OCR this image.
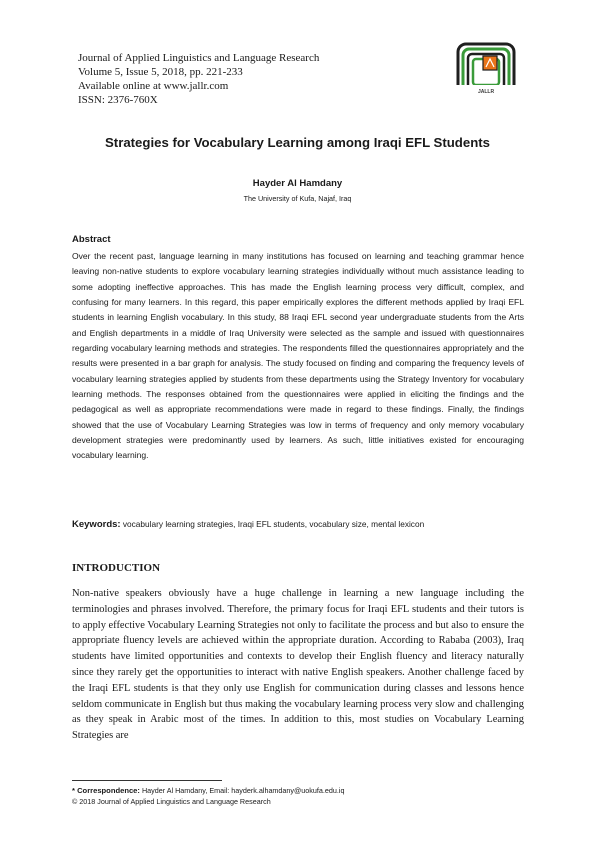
Journal of Applied Linguistics and Language Research
Volume 5, Issue 5, 2018, pp. 221-233
Available online at www.jallr.com
ISSN: 2376-760X
JALLR
Strategies for Vocabulary Learning among Iraqi EFL Students
Hayder Al Hamdany
The University of Kufa, Najaf, Iraq
Abstract
Over the recent past, language learning in many institutions has focused on learning and teaching grammar hence leaving non-native students to explore vocabulary learning strategies individually without much assistance leading to some adopting ineffective approaches. This has made the English learning process very difficult, complex, and confusing for many learners. In this regard, this paper empirically explores the different methods applied by Iraqi EFL students in learning English vocabulary. In this study, 88 Iraqi EFL second year undergraduate students from the Arts and English departments in a middle of Iraq University were selected as the sample and issued with questionnaires regarding vocabulary learning methods and strategies. The respondents filled the questionnaires appropriately and the results were presented in a bar graph for analysis. The study focused on finding and comparing the frequency levels of vocabulary learning strategies applied by students from these departments using the Strategy Inventory for vocabulary learning methods. The responses obtained from the questionnaires were applied in eliciting the findings and the pedagogical as well as appropriate recommendations were made in regard to these findings. Finally, the findings showed that the use of Vocabulary Learning Strategies was low in terms of frequency and only memory vocabulary development strategies were predominantly used by learners. As such, little initiatives existed for encouraging vocabulary learning.
Keywords: vocabulary learning strategies, Iraqi EFL students, vocabulary size, mental lexicon
INTRODUCTION
Non-native speakers obviously have a huge challenge in learning a new language including the terminologies and phrases involved. Therefore, the primary focus for Iraqi EFL students and their tutors is to apply effective Vocabulary Learning Strategies not only to facilitate the process and but also to ensure the appropriate fluency levels are achieved within the appropriate duration. According to Rababa (2003), Iraq students have limited opportunities and contexts to develop their English fluency and literacy naturally since they rarely get the opportunities to interact with native English speakers. Another challenge faced by the Iraqi EFL students is that they only use English for communication during classes and lessons hence seldom communicate in English but thus making the vocabulary learning process very slow and challenging as they speak in Arabic most of the times. In addition to this, most studies on Vocabulary Learning Strategies are
* Correspondence: Hayder Al Hamdany, Email: hayderk.alhamdany@uokufa.edu.iq
© 2018 Journal of Applied Linguistics and Language Research
